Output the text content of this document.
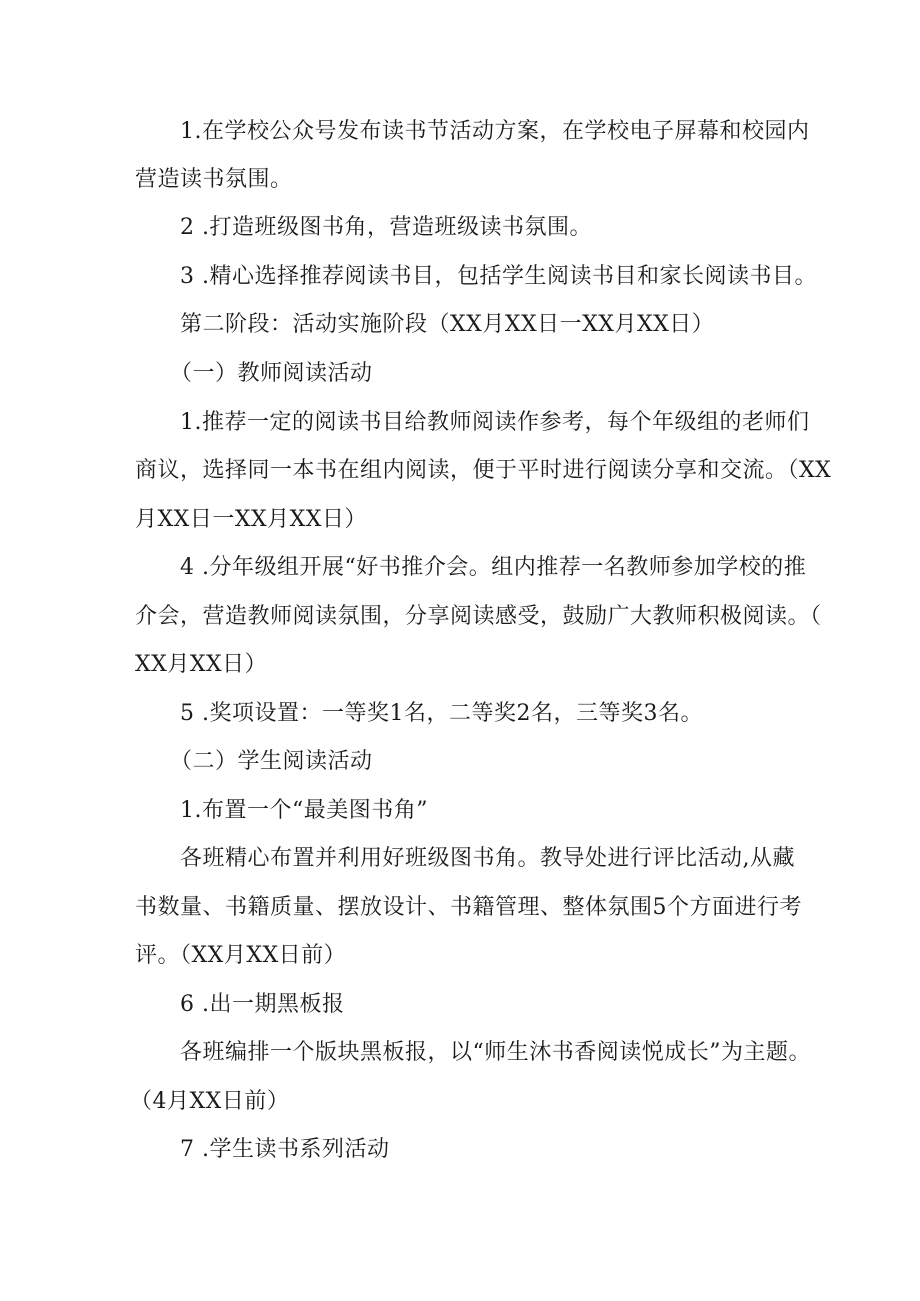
1.在学校公众号发布读书节活动方案，在学校电子屏幕和校园内
营造读书氛围。
2 .打造班级图书角，营造班级读书氛围。
3 .精心选择推荐阅读书目，包括学生阅读书目和家长阅读书目。
第二阶段：活动实施阶段（XX月XX日一XX月XX日）
（一）教师阅读活动
1.推荐一定的阅读书目给教师阅读作参考，每个年级组的老师们
商议，选择同一本书在组内阅读，便于平时进行阅读分享和交流。（XX
月XX日一XX月XX日）
4 .分年级组开展“好书推介会。组内推荐一名教师参加学校的推
介会，营造教师阅读氛围，分享阅读感受，鼓励广大教师积极阅读。（
XX月XX日）
5 .奖项设置：一等奖1名，二等奖2名，三等奖3名。
（二）学生阅读活动
1.布置一个“最美图书角”
各班精心布置并利用好班级图书角。教导处进行评比活动,从藏
书数量、书籍质量、摆放设计、书籍管理、整体氛围5个方面进行考
评。（XX月XX日前）
6 .出一期黑板报
各班编排一个版块黑板报，以“师生沐书香阅读悦成长”为主题。
（4月XX日前）
7 .学生读书系列活动
